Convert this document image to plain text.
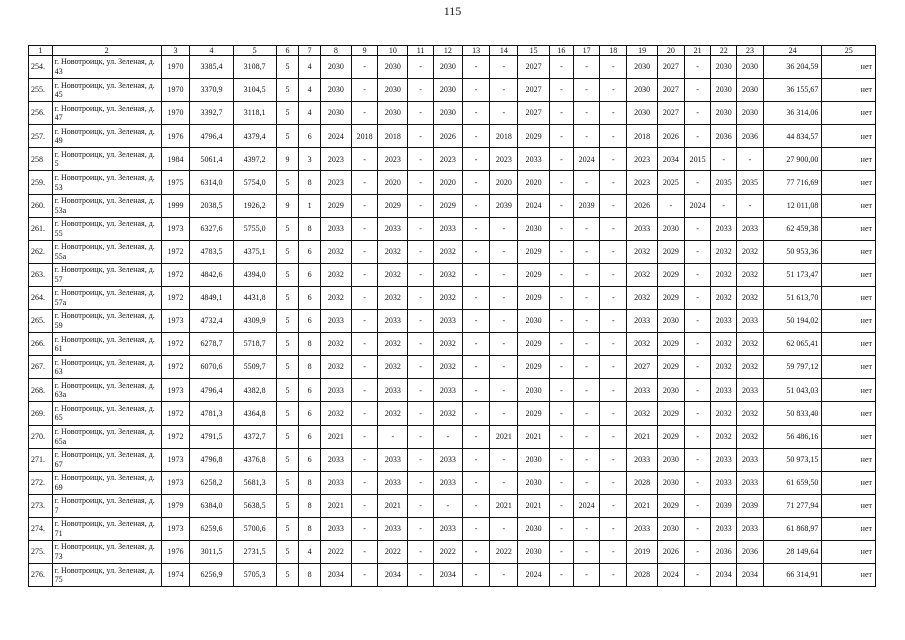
115
1	2	3	4	5	6	7	8	9	10	11	12	13	14	15	16	17	18	19	20	21	22	23	24	25
254.	г. Новотроицк, ул. Зеленая, д. 43	1970	3385,4	3108,7	5	4	2030	-	2030	-	2030	-	-	2027	-	-	-	2030	2027	-	2030	2030	36 204,59	нет
255.	г. Новотроицк, ул. Зеленая, д. 45	1970	3370,9	3104,5	5	4	2030	-	2030	-	2030	-	-	2027	-	-	-	2030	2027	-	2030	2030	36 155,67	нет
256.	г. Новотроицк, ул. Зеленая, д. 47	1970	3392,7	3118,1	5	4	2030	-	2030	-	2030	-	-	2027	-	-	-	2030	2027	-	2030	2030	36 314,06	нет
257.	г. Новотроицк, ул. Зеленая, д. 49	1976	4796,4	4379,4	5	6	2024	2018	2018	-	2026	-	2018	2029	-	-	-	2018	2026	-	2036	2036	44 834,57	нет
258	г. Новотроицк, ул. Зеленая, д. 5	1984	5061,4	4397,2	9	3	2023	-	2023	-	2023	-	2023	2033	-	2024	-	2023	2034	2015	-	-	27 900,00	нет
259.	г. Новотроицк, ул. Зеленая, д. 53	1975	6314,0	5754,0	5	8	2023	-	2020	-	2020	-	2020	2020	-	-	-	2023	2025	-	2035	2035	77 716,69	нет
260.	г. Новотроицк, ул. Зеленая, д. 53а	1999	2038,5	1926,2	9	1	2029	-	2029	-	2029	-	2039	2024	-	2039	-	2026	-	2024	-	-	12 011,08	нет
261.	г. Новотроицк, ул. Зеленая, д. 55	1973	6327,6	5755,0	5	8	2033	-	2033	-	2033	-	-	2030	-	-	-	2033	2030	-	2033	2033	62 459,38	нет
262.	г. Новотроицк, ул. Зеленая, д. 55а	1972	4783,5	4375,1	5	6	2032	-	2032	-	2032	-	-	2029	-	-	-	2032	2029	-	2032	2032	50 953,36	нет
263.	г. Новотроицк, ул. Зеленая, д. 57	1972	4842,6	4394,0	5	6	2032	-	2032	-	2032	-	-	2029	-	-	-	2032	2029	-	2032	2032	51 173,47	нет
264.	г. Новотроицк, ул. Зеленая, д. 57а	1972	4849,1	4431,8	5	6	2032	-	2032	-	2032	-	-	2029	-	-	-	2032	2029	-	2032	2032	51 613,70	нет
265.	г. Новотроицк, ул. Зеленая, д. 59	1973	4732,4	4309,9	5	6	2033	-	2033	-	2033	-	-	2030	-	-	-	2033	2030	-	2033	2033	50 194,02	нет
266.	г. Новотроицк, ул. Зеленая, д. 61	1972	6278,7	5718,7	5	8	2032	-	2032	-	2032	-	-	2029	-	-	-	2032	2029	-	2032	2032	62 065,41	нет
267.	г. Новотроицк, ул. Зеленая, д. 63	1972	6070,6	5509,7	5	8	2032	-	2032	-	2032	-	-	2029	-	-	-	2027	2029	-	2032	2032	59 797,12	нет
268.	г. Новотроицк, ул. Зеленая, д. 63а	1973	4796,4	4382,8	5	6	2033	-	2033	-	2033	-	-	2030	-	-	-	2033	2030	-	2033	2033	51 043,03	нет
269.	г. Новотроицк, ул. Зеленая, д. 65	1972	4781,3	4364,8	5	6	2032	-	2032	-	2032	-	-	2029	-	-	-	2032	2029	-	2032	2032	50 833,40	нет
270.	г. Новотроицк, ул. Зеленая, д. 65а	1972	4791,5	4372,7	5	6	2021	-	-	-	-	-	2021	2021	-	-	-	2021	2029	-	2032	2032	56 486,16	нет
271.	г. Новотроицк, ул. Зеленая, д. 67	1973	4796,8	4376,8	5	6	2033	-	2033	-	2033	-	-	2030	-	-	-	2033	2030	-	2033	2033	50 973,15	нет
272.	г. Новотроицк, ул. Зеленая, д. 69	1973	6258,2	5681,3	5	8	2033	-	2033	-	2033	-	-	2030	-	-	-	2028	2030	-	2033	2033	61 659,50	нет
273.	г. Новотроицк, ул. Зеленая, д. 7	1979	6384,0	5638,5	5	8	2021	-	2021	-	-	-	2021	2021	-	2024	-	2021	2029	-	2039	2039	71 277,94	нет
274.	г. Новотроицк, ул. Зеленая, д. 71	1973	6259,6	5700,6	5	8	2033	-	2033	-	2033	-	-	2030	-	-	-	2033	2030	-	2033	2033	61 868,97	нет
275.	г. Новотроицк, ул. Зеленая, д. 73	1976	3011,5	2731,5	5	4	2022	-	2022	-	2022	-	2022	2030	-	-	-	2019	2026	-	2036	2036	28 149,64	нет
276.	г. Новотроицк, ул. Зеленая, д. 75	1974	6256,9	5705,3	5	8	2034	-	2034	-	2034	-	-	2024	-	-	-	2028	2024	-	2034	2034	66 314,91	нет
